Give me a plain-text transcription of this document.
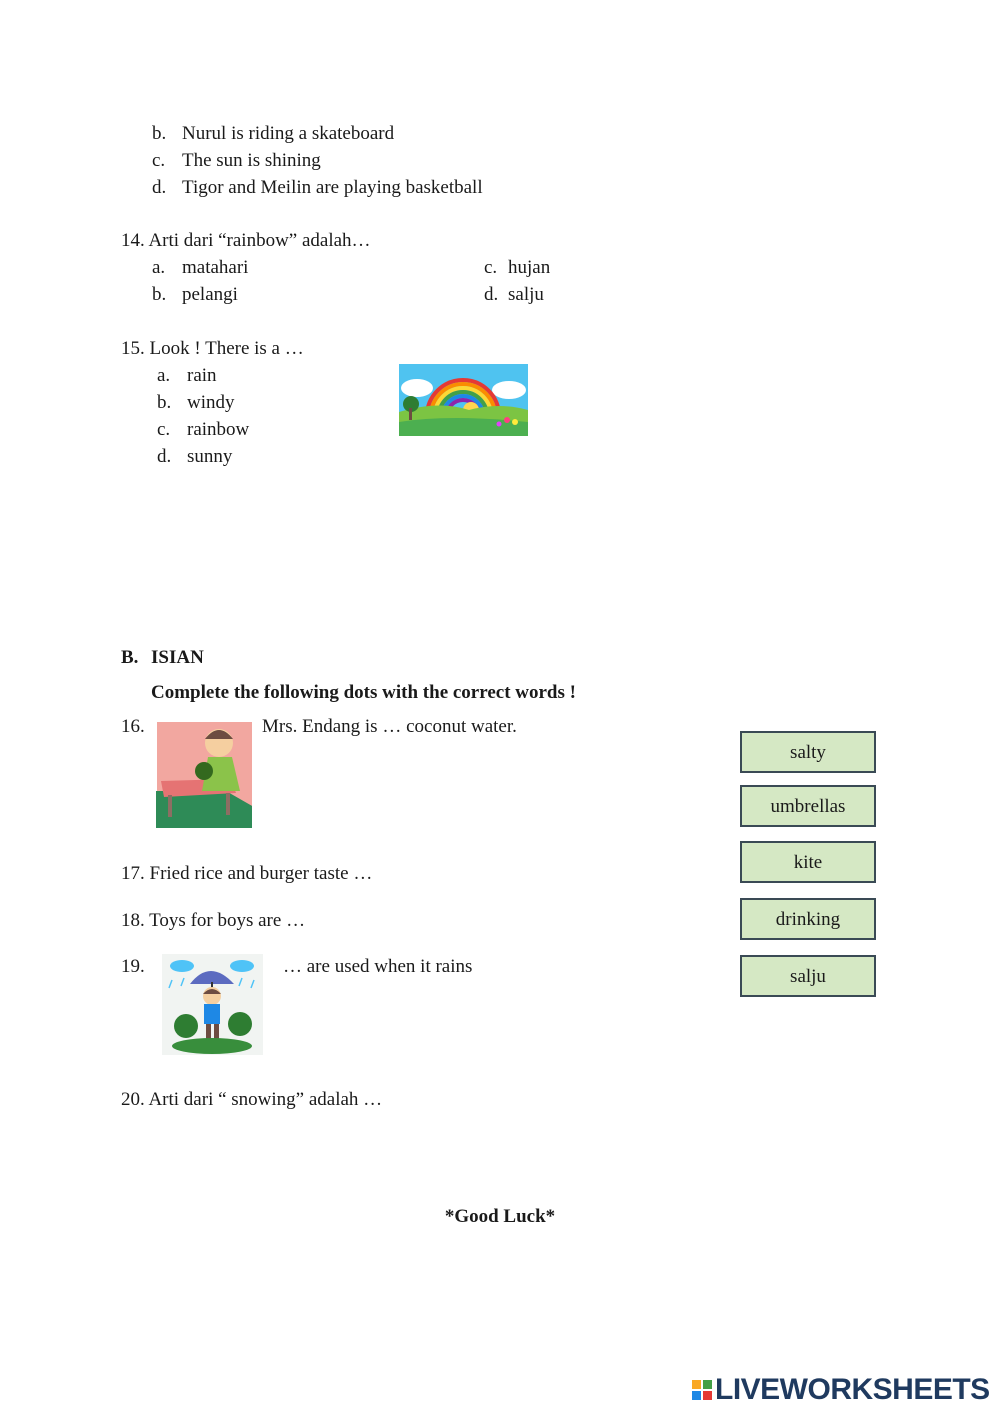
b. Nurul is riding a skateboard
c. The sun is shining
d. Tigor and Meilin are playing basketball
14. Arti dari “rainbow” adalah…
a. matahari
b. pelangi
c. hujan
d. salju
15. Look ! There is a …
a. rain
b. windy
c. rainbow
d. sunny
B. ISIAN
Complete the following dots with the correct words !
16.	Mrs. Endang is … coconut water.
17. Fried rice and burger taste …
18. Toys for boys are …
19.	… are used when it rains
20. Arti dari “ snowing” adalah …
salty
umbrellas
kite
drinking
salju
*Good Luck*
LIVEWORKSHEETS
